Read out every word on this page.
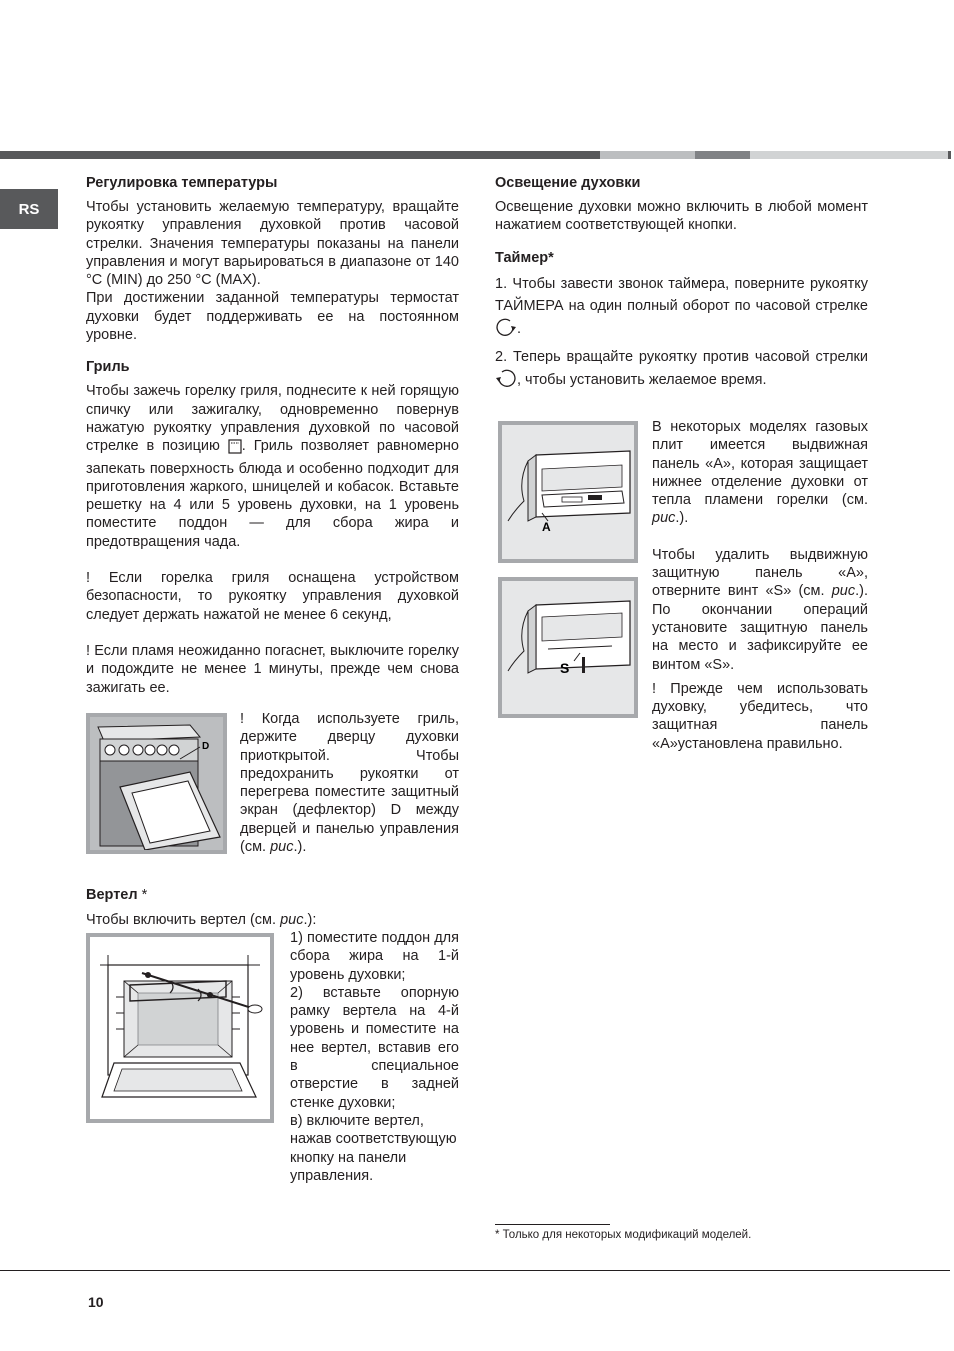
RS
Регулировка температуры

Чтобы установить желаемую температуру, вращайте рукоятку управления духовкой против часовой стрелки. Значения температуры показаны на панели управления и могут варьироваться в диапазоне от 140 °С (MIN) до 250 °С (MAX).

При достижении заданной температуры термостат духовки будет поддерживать ее на постоянном уровне.

Гриль

Чтобы зажечь горелку гриля, поднесите к ней горящую спичку или зажигалку, одновременно повернув нажатую рукоятку управления духовкой по часовой стрелке в позицию . Гриль позволяет равномерно запекать поверхность блюда и особенно подходит для приготовления жаркого, шницелей и кобасок. Вставьте решетку на 4 или 5 уровень духовки, на 1 уровень поместите поддон — для сбора жира и предотвращения чада.

! Если горелка гриля оснащена устройством безопасности, то рукоятку управления духовкой следует держать нажатой не менее 6 секунд,

! Если пламя неожиданно погаснет, выключите горелку и подождите не менее 1 минуты, прежде чем снова зажигать ее.

D

! Когда используете гриль, держите дверцу духовки приоткрытой. Чтобы предохранить рукоятки от перегрева поместите защитный экран (дефлектор) D между дверцей и панелью управления (см. рис.).

Вертел *

Чтобы включить вертел (см. рис.):

1) поместите поддон для сбора жира на 1-й уровень духовки;

2) вставьте опорную рамку вертела на 4-й уровень и поместите на нее вертел, вставив его в специальное отверстие в задней стенке духовки;

в) включите вертел, нажав соответствующую кнопку на панели управления.

Освещение духовки

Освещение духовки можно включить в любой момент нажатием соответствующей кнопки.

Таймер*

1. Чтобы завести звонок таймера, поверните рукоятку ТАЙМЕРА на один полный оборот по часовой стрелке .

2. Теперь вращайте рукоятку против часовой стрелки , чтобы установить желаемое время.

A
S

В некоторых моделях газовых плит имеется выдвижная панель «А», которая защищает нижнее отделение духовки от тепла пламени горелки (см. рис.).

Чтобы удалить выдвижную защитную панель «А», отверните винт «S» (см. рис.). По окончании операций установите защитную панель на место и зафиксируйте ее винтом «S».

! Прежде чем использовать духовку, убедитесь, что защитная панель «А»установлена правильно.

* Только для некоторых модификаций моделей.
10
